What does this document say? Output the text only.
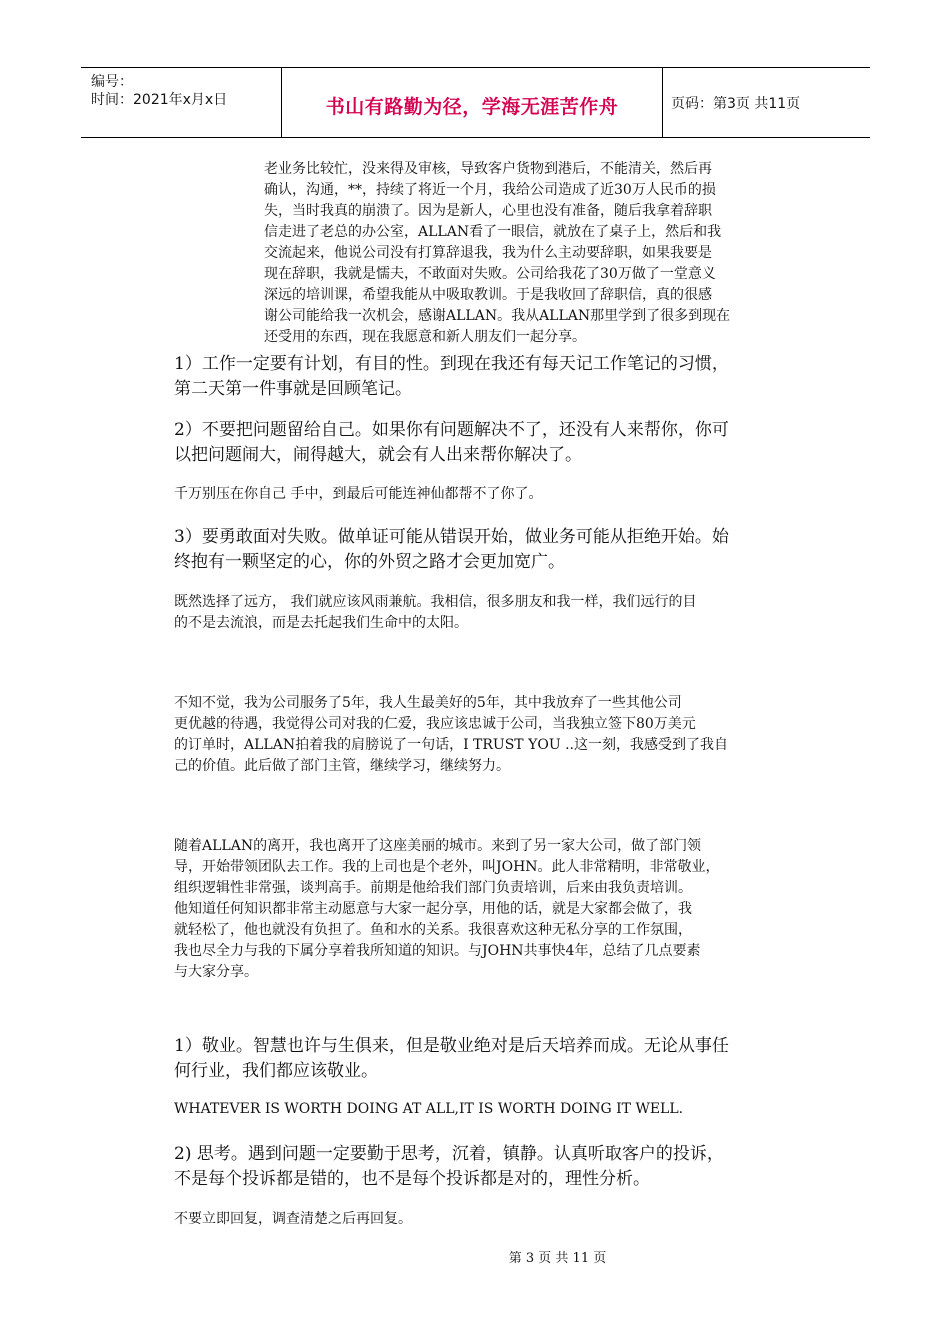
编号：
时间：2021年x月x日	书山有路勤为径，学海无涯苦作舟	页码：第3页 共11页
老业务比较忙，没来得及审核，导致客户货物到港后，不能清关，然后再
确认，沟通，**，持续了将近一个月，我给公司造成了近30万人民币的损
失，当时我真的崩溃了。因为是新人，心里也没有准备，随后我拿着辞职
信走进了老总的办公室，ALLAN看了一眼信，就放在了桌子上，然后和我
交流起来，他说公司没有打算辞退我，我为什么主动要辞职，如果我要是
现在辞职，我就是懦夫，不敢面对失败。公司给我花了30万做了一堂意义
深远的培训课，希望我能从中吸取教训。于是我收回了辞职信，真的很感
谢公司能给我一次机会，感谢ALLAN。我从ALLAN那里学到了很多到现在
还受用的东西，现在我愿意和新人朋友们一起分享。
1）工作一定要有计划，有目的性。到现在我还有每天记工作笔记的习惯，
第二天第一件事就是回顾笔记。
2）不要把问题留给自己。如果你有问题解决不了，还没有人来帮你，你可
以把问题闹大，闹得越大，就会有人出来帮你解决了。
千万别压在你自己 手中，到最后可能连神仙都帮不了你了。
3）要勇敢面对失败。做单证可能从错误开始，做业务可能从拒绝开始。始
终抱有一颗坚定的心，你的外贸之路才会更加宽广。
既然选择了远方， 我们就应该风雨兼航。我相信，很多朋友和我一样，我们远行的目
的不是去流浪，而是去托起我们生命中的太阳。
不知不觉，我为公司服务了5年，我人生最美好的5年，其中我放弃了一些其他公司
更优越的待遇，我觉得公司对我的仁爱，我应该忠诚于公司，当我独立签下80万美元
的订单时，ALLAN拍着我的肩膀说了一句话，I TRUST YOU ..这一刻，我感受到了我自
己的价值。此后做了部门主管，继续学习，继续努力。
随着ALLAN的离开，我也离开了这座美丽的城市。来到了另一家大公司，做了部门领
导，开始带领团队去工作。我的上司也是个老外，叫JOHN。此人非常精明，非常敬业，
组织逻辑性非常强，谈判高手。前期是他给我们部门负责培训，后来由我负责培训。
他知道任何知识都非常主动愿意与大家一起分享，用他的话，就是大家都会做了，我
就轻松了，他也就没有负担了。鱼和水的关系。我很喜欢这种无私分享的工作氛围，
我也尽全力与我的下属分享着我所知道的知识。与JOHN共事快4年，总结了几点要素
与大家分享。
1）敬业。智慧也许与生俱来，但是敬业绝对是后天培养而成。无论从事任
何行业，我们都应该敬业。
WHATEVER IS WORTH DOING AT ALL,IT IS WORTH DOING IT WELL.
2) 思考。遇到问题一定要勤于思考，沉着，镇静。认真听取客户的投诉，
不是每个投诉都是错的，也不是每个投诉都是对的，理性分析。
不要立即回复，调查清楚之后再回复。
第 3 页 共 11 页
